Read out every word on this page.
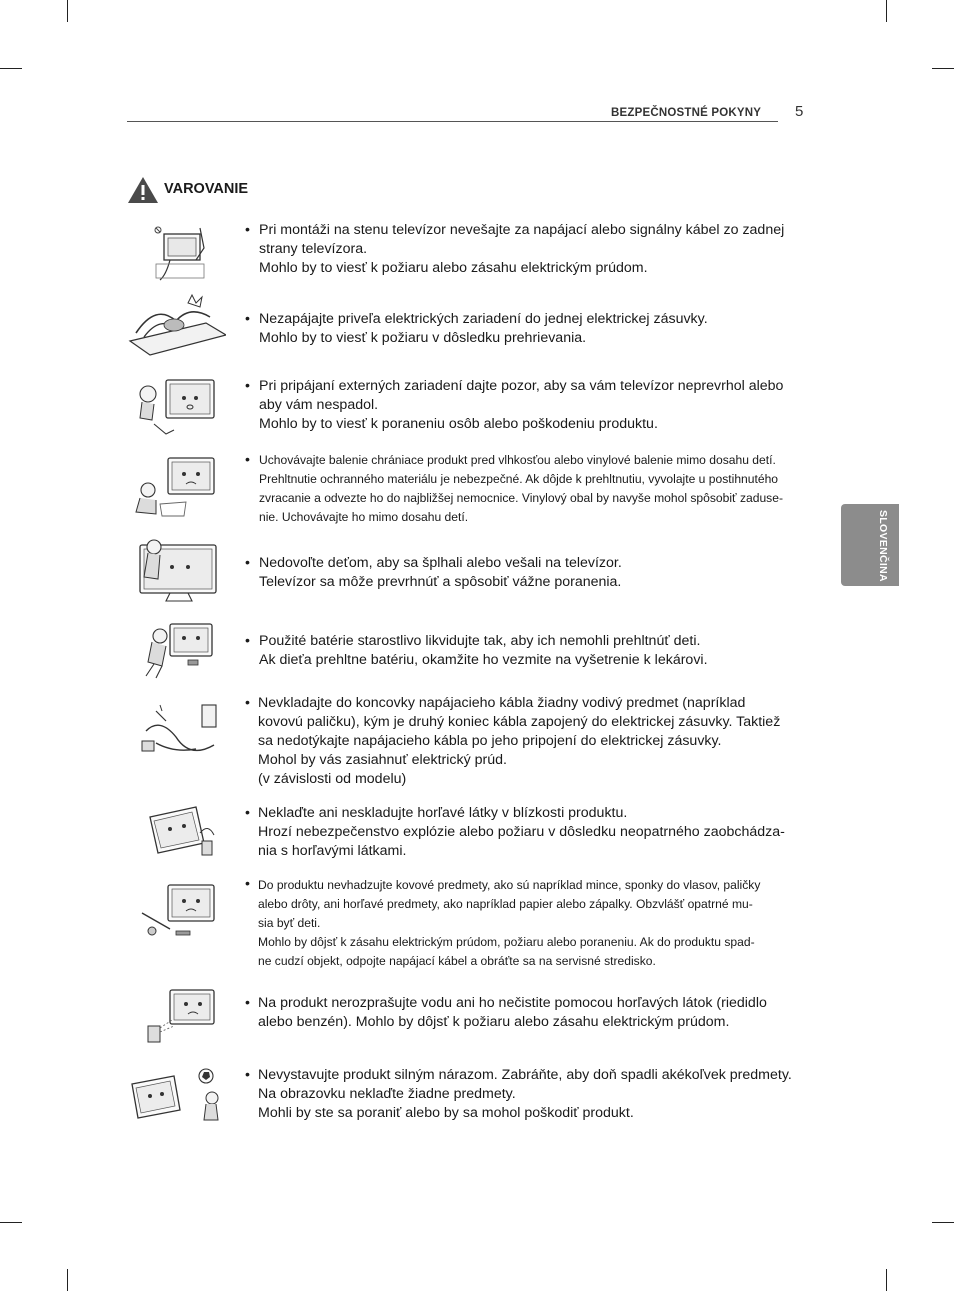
BEZPEČNOSTNÉ POKYNY 5
SLOVENČINA
VAROVANIE
• Pri montáži na stenu televízor nevešajte za napájací alebo signálny kábel zo zadnej
strany televízora.
Mohlo by to viesť k požiaru alebo zásahu elektrickým prúdom.
• Nezapájajte priveľa elektrických zariadení do jednej elektrickej zásuvky.
Mohlo by to viesť k požiaru v dôsledku prehrievania.
• Pri pripájaní externých zariadení dajte pozor, aby sa vám televízor neprevrhol alebo
aby vám nespadol.
Mohlo by to viesť k poraneniu osôb alebo poškodeniu produktu.
• Uchovávajte balenie chrániace produkt pred vlhkosťou alebo vinylové balenie mimo dosahu detí.
Prehltnutie ochranného materiálu je nebezpečné. Ak dôjde k prehltnutiu, vyvolajte u postihnutého
zvracanie a odvezte ho do najbližšej nemocnice. Vinylový obal by navyše mohol spôsobiť zaduse-
nie. Uchovávajte ho mimo dosahu detí.
• Nedovoľte deťom, aby sa šplhali alebo vešali na televízor.
Televízor sa môže prevrhnúť a spôsobiť vážne poranenia.
• Použité batérie starostlivo likvidujte tak, aby ich nemohli prehltnúť deti.
Ak dieťa prehltne batériu, okamžite ho vezmite na vyšetrenie k lekárovi.
• Nevkladajte do koncovky napájacieho kábla žiadny vodivý predmet (napríklad
kovovú paličku), kým je druhý koniec kábla zapojený do elektrickej zásuvky. Taktiež
sa nedotýkajte napájacieho kábla po jeho pripojení do elektrickej zásuvky.
Mohol by vás zasiahnuť elektrický prúd.
(v závislosti od modelu)
• Neklaďte ani neskladujte horľavé látky v blízkosti produktu.
Hrozí nebezpečenstvo explózie alebo požiaru v dôsledku neopatrného zaobchádza-
nia s horľavými látkami.
• Do produktu nevhadzujte kovové predmety, ako sú napríklad mince, sponky do vlasov, paličky
alebo drôty, ani horľavé predmety, ako napríklad papier alebo zápalky. Obzvlášť opatrné mu-
sia byť deti.
Mohlo by dôjsť k zásahu elektrickým prúdom, požiaru alebo poraneniu. Ak do produktu spad-
ne cudzí objekt, odpojte napájací kábel a obráťte sa na servisné stredisko.
• Na produkt nerozprašujte vodu ani ho nečistite pomocou horľavých látok (riedidlo
alebo benzén). Mohlo by dôjsť k požiaru alebo zásahu elektrickým prúdom.
• Nevystavujte produkt silným nárazom. Zabráňte, aby doň spadli akékoľvek predmety.
Na obrazovku neklaďte žiadne predmety.
Mohli by ste sa poraniť alebo by sa mohol poškodiť produkt.
